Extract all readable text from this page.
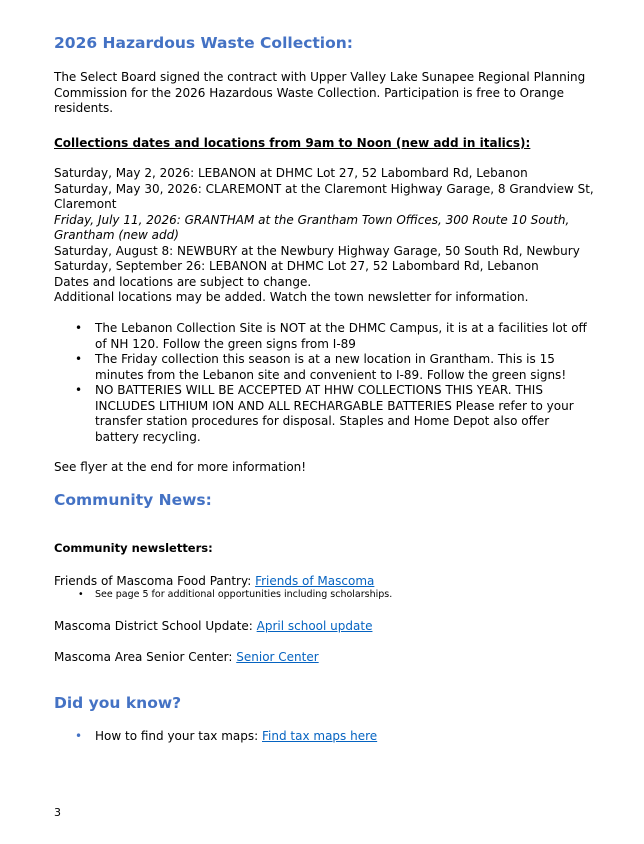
2026 Hazardous Waste Collection:

The Select Board signed the contract with Upper Valley Lake Sunapee Regional Planning Commission for the 2026 Hazardous Waste Collection. Participation is free to Orange residents.

Collections dates and locations from 9am to Noon (new add in italics):

Saturday, May 2, 2026: LEBANON at DHMC Lot 27, 52 Labombard Rd, Lebanon
Saturday, May 30, 2026: CLAREMONT at the Claremont Highway Garage, 8 Grandview St, Claremont
Friday, July 11, 2026: GRANTHAM at the Grantham Town Offices, 300 Route 10 South, Grantham (new add)
Saturday, August 8: NEWBURY at the Newbury Highway Garage, 50 South Rd, Newbury
Saturday, September 26: LEBANON at DHMC Lot 27, 52 Labombard Rd, Lebanon
Dates and locations are subject to change.
Additional locations may be added. Watch the town newsletter for information.
• The Lebanon Collection Site is NOT at the DHMC Campus, it is at a facilities lot off of NH 120. Follow the green signs from I-89
• The Friday collection this season is at a new location in Grantham. This is 15 minutes from the Lebanon site and convenient to I-89. Follow the green signs!
• NO BATTERIES WILL BE ACCEPTED AT HHW COLLECTIONS THIS YEAR. THIS INCLUDES LITHIUM ION AND ALL RECHARGABLE BATTERIES Please refer to your transfer station procedures for disposal. Staples and Home Depot also offer battery recycling.

See flyer at the end for more information!

Community News:

Community newsletters:

Friends of Mascoma Food Pantry: Friends of Mascoma

• See page 5 for additional opportunities including scholarships.

Mascoma District School Update: April school update

Mascoma Area Senior Center: Senior Center

Did you know?
• How to find your tax maps: Find tax maps here
3
